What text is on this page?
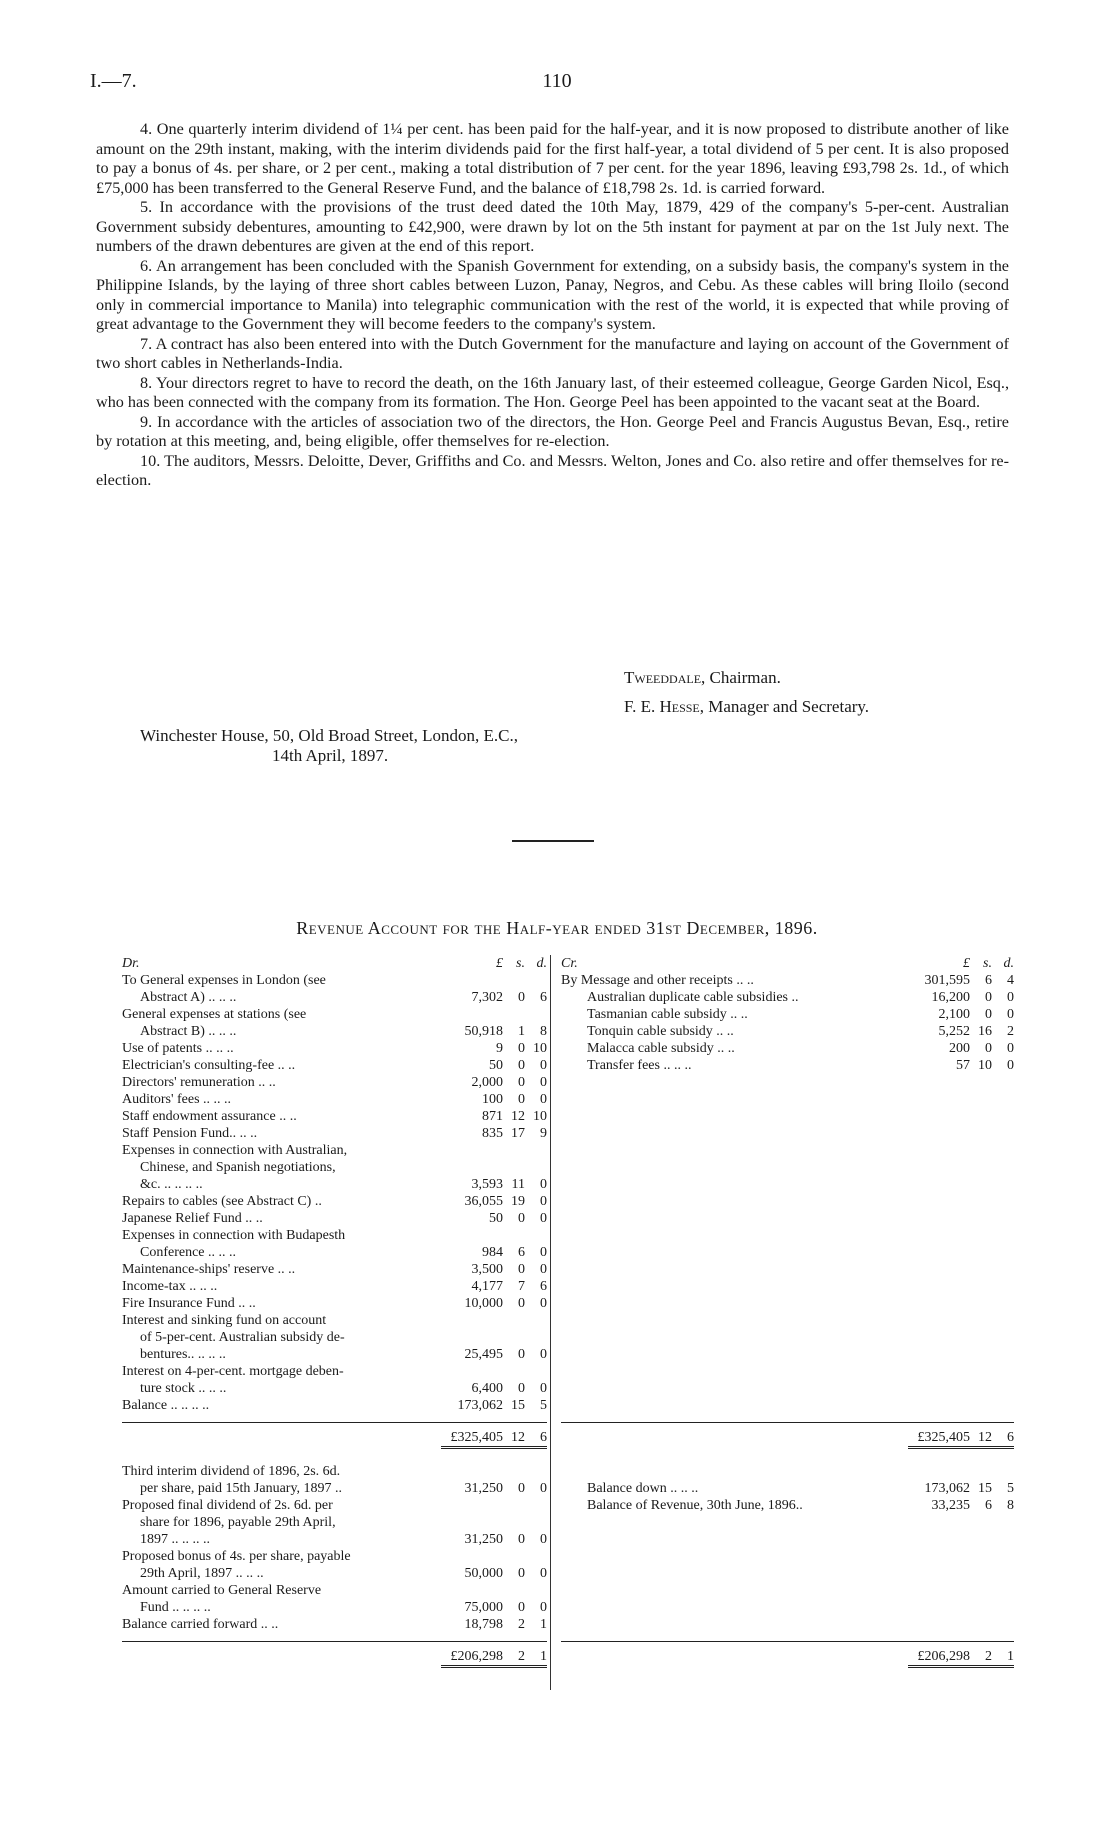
I.—7.	110

4. One quarterly interim dividend of 1¼ per cent. has been paid for the half-year, and it is now proposed to distribute another of like amount on the 29th instant, making, with the interim dividends paid for the first half-year, a total dividend of 5 per cent. It is also proposed to pay a bonus of 4s. per share, or 2 per cent., making a total distribution of 7 per cent. for the year 1896, leaving £93,798 2s. 1d., of which £75,000 has been transferred to the General Reserve Fund, and the balance of £18,798 2s. 1d. is carried forward.

5. In accordance with the provisions of the trust deed dated the 10th May, 1879, 429 of the company's 5-per-cent. Australian Government subsidy debentures, amounting to £42,900, were drawn by lot on the 5th instant for payment at par on the 1st July next. The numbers of the drawn debentures are given at the end of this report.

6. An arrangement has been concluded with the Spanish Government for extending, on a subsidy basis, the company's system in the Philippine Islands, by the laying of three short cables between Luzon, Panay, Negros, and Cebu. As these cables will bring Iloilo (second only in commercial importance to Manila) into telegraphic communication with the rest of the world, it is expected that while proving of great advantage to the Government they will become feeders to the company's system.

7. A contract has also been entered into with the Dutch Government for the manufacture and laying on account of the Government of two short cables in Netherlands-India.

8. Your directors regret to have to record the death, on the 16th January last, of their esteemed colleague, George Garden Nicol, Esq., who has been connected with the company from its formation. The Hon. George Peel has been appointed to the vacant seat at the Board.

9. In accordance with the articles of association two of the directors, the Hon. George Peel and Francis Augustus Bevan, Esq., retire by rotation at this meeting, and, being eligible, offer themselves for re-election.

10. The auditors, Messrs. Deloitte, Dever, Griffiths and Co. and Messrs. Welton, Jones and Co. also retire and offer themselves for re-election.

Tweeddale, Chairman.
F. E. Hesse, Manager and Secretary.
Winchester House, 50, Old Broad Street, London, E.C.,
14th April, 1897.
Revenue Account for the Half-year ended 31st December, 1896.
Dr.	£ s. d.
To General expenses in London (see
Abstract A) .. .. ..	7,302	0	6
General expenses at stations (see
Abstract B) .. .. ..	50,918	1	8
Use of patents .. .. ..	9	0 10
Electrician's consulting-fee .. ..	50	0	0
Directors' remuneration .. ..	2,000	0	0
Auditors' fees .. .. ..	100	0	0
Staff endowment assurance .. ..	871 12 10
Staff Pension Fund.. .. ..	835 17	9
Expenses in connection with Australian,
Chinese, and Spanish negotiations,
&c. .. .. .. ..	3,593 11	0
Repairs to cables (see Abstract C) ..	36,055 19	0
Japanese Relief Fund .. ..	50	0	0
Expenses in connection with Budapesth
Conference .. .. ..	984	6	0
Maintenance-ships' reserve .. ..	3,500	0	0
Income-tax .. .. ..	4,177	7	6
Fire Insurance Fund .. ..	10,000	0	0
Interest and sinking fund on account
of 5-per-cent. Australian subsidy de-
bentures.. .. .. ..	25,495	0	0
Interest on 4-per-cent. mortgage deben-
ture stock .. .. ..	6,400	0	0
Balance .. .. .. ..	173,062 15	5
£325,405 12	6
Third interim dividend of 1896, 2s. 6d.
per share, paid 15th January, 1897 ..	31,250	0	0
Proposed final dividend of 2s. 6d. per
share for 1896, payable 29th April,
1897 .. .. .. ..	31,250	0	0
Proposed bonus of 4s. per share, payable
29th April, 1897 .. .. ..	50,000	0	0
Amount carried to General Reserve
Fund .. .. .. ..	75,000	0	0
Balance carried forward .. ..	18,798	2	1
£206,298	2	1
Cr.	£ s. d.
By Message and other receipts .. ..	301,595	6	4
Australian duplicate cable subsidies ..	16,200	0	0
Tasmanian cable subsidy .. ..	2,100	0	0
Tonquin cable subsidy .. ..	5,252 16	2
Malacca cable subsidy .. ..	200	0	0
Transfer fees .. .. ..	57 10	0
£325,405 12	6
Balance down .. .. ..	173,062 15	5
Balance of Revenue, 30th June, 1896..	33,235	6	8
£206,298	2	1
